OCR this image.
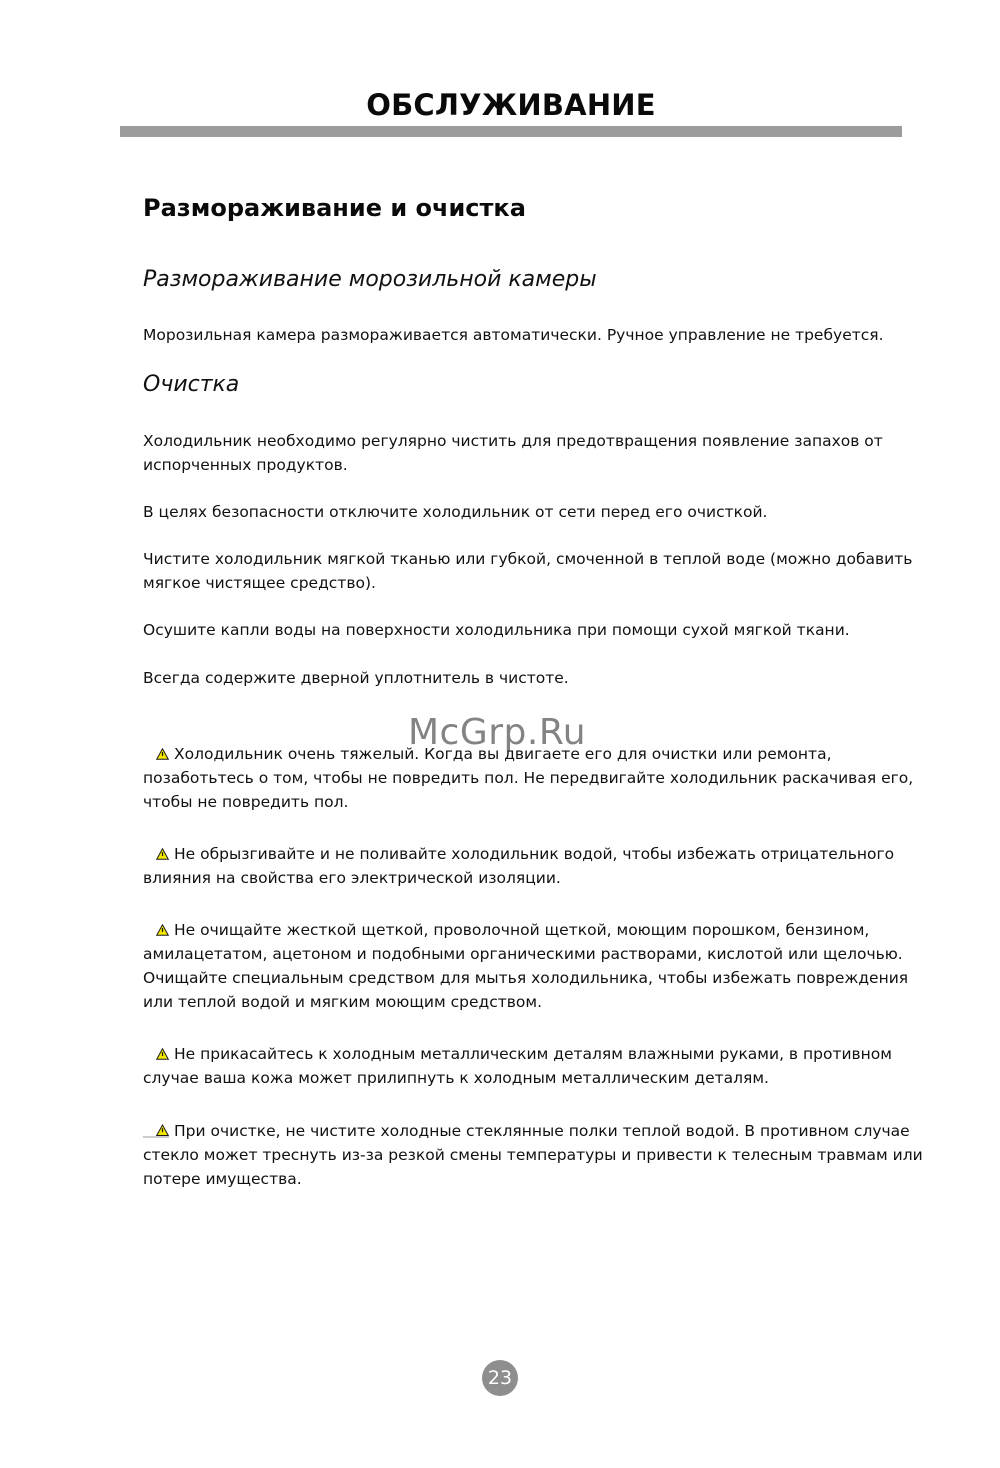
ОБСЛУЖИВАНИЕ
Размораживание и очистка
Размораживание морозильной камеры
Морозильная камера размораживается автоматически. Ручное управление не требуется.
Очистка
Холодильник необходимо регулярно чистить для предотвращения появление запахов от испорченных продуктов.
В целях безопасности отключите холодильник от сети перед его очисткой.
Чистите холодильник мягкой тканью или губкой, смоченной в теплой воде (можно добавить мягкое чистящее средство).
Осушите капли воды на поверхности холодильника при помощи сухой мягкой ткани.
Всегда содержите дверной уплотнитель в чистоте.
Холодильник очень тяжелый. Когда вы двигаете его для очистки или ремонта, позаботьтесь о том, чтобы не повредить пол. Не передвигайте холодильник раскачивая его, чтобы не повредить пол.
Не обрызгивайте и не поливайте холодильник водой, чтобы избежать отрицательного влияния на свойства его электрической изоляции.
Не очищайте жесткой щеткой, проволочной щеткой, моющим порошком, бензином, амилацетатом, ацетоном и подобными органическими растворами, кислотой или щелочью. Очищайте специальным средством для мытья холодильника, чтобы избежать повреждения или теплой водой и мягким моющим средством.
Не прикасайтесь к холодным металлическим деталям влажными руками, в противном случае ваша кожа может прилипнуть к холодным металлическим деталям.
При очистке, не чистите холодные стеклянные полки теплой водой. В противном случае стекло может треснуть из-за резкой смены температуры и привести к телесным травмам или потере имущества.
McGrp.Ru
23
